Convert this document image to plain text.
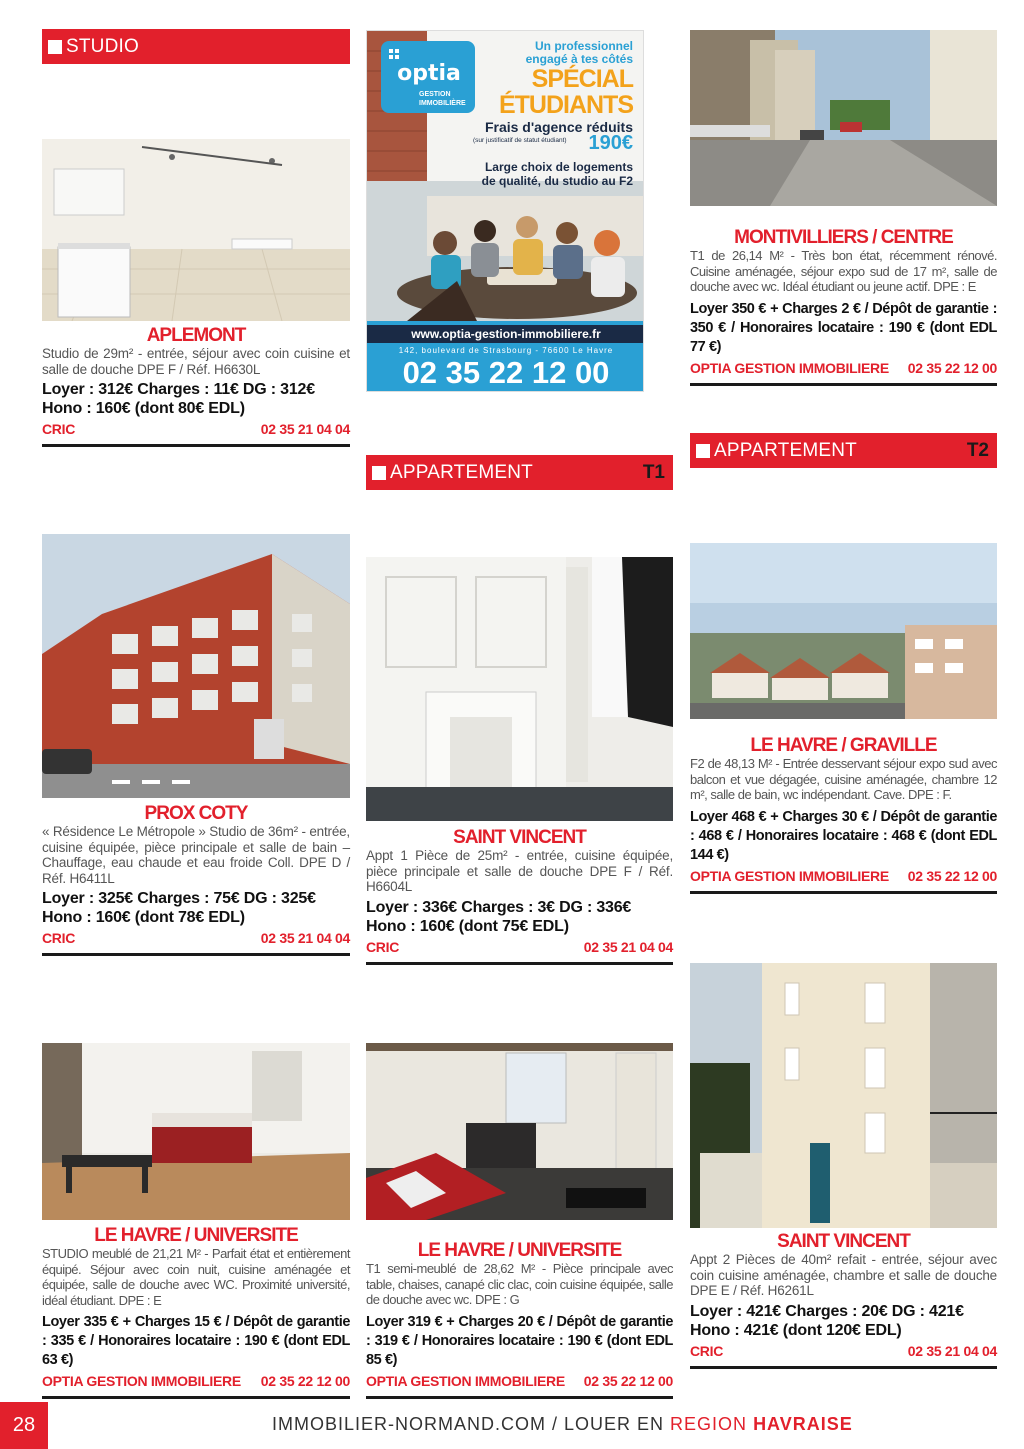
STUDIO
APPARTEMENT	T1
APPARTEMENT	T2
optia
GESTION
IMMOBILIÈRE
Un professionnel
engagé à tes côtés
SPÉCIAL
ÉTUDIANTS
Frais d'agence réduits
(sur justificatif de statut étudiant) 190€
Large choix de logements
de qualité, du studio au F2
www.optia-gestion-immobiliere.fr
142, boulevard de Strasbourg - 76600 Le Havre
02 35 22 12 00
APLEMONT
Studio de 29m² - entrée, séjour avec coin cuisine et salle de douche DPE F / Réf. H6630L
Loyer : 312€ Charges : 11€ DG : 312€
Hono : 160€ (dont 80€ EDL)
CRIC	02 35 21 04 04
MONTIVILLIERS / CENTRE
T1 de 26,14 M² - Très bon état, récemment rénové. Cuisine aménagée, séjour expo sud de 17 m², salle de douche avec wc. Idéal étudiant ou jeune actif. DPE : E
Loyer 350 € + Charges 2 € / Dépôt de garantie : 350 € / Honoraires locataire : 190 € (dont EDL 77 €)
OPTIA GESTION IMMOBILIERE 02 35 22 12 00
PROX COTY
« Résidence Le Métropole » Studio de 36m² - entrée, cuisine équipée, pièce principale et salle de bain – Chauffage, eau chaude et eau froide Coll. DPE D / Réf. H6411L
Loyer : 325€ Charges : 75€ DG : 325€
Hono : 160€ (dont 78€ EDL)
CRIC	02 35 21 04 04
SAINT VINCENT
Appt 1 Pièce de 25m² - entrée, cuisine équipée, pièce principale et salle de douche DPE F / Réf. H6604L
Loyer : 336€ Charges : 3€ DG : 336€
Hono : 160€ (dont 75€ EDL)
CRIC	02 35 21 04 04
LE HAVRE / GRAVILLE
F2 de 48,13 M² - Entrée desservant séjour expo sud avec balcon et vue dégagée, cuisine aménagée, chambre 12 m², salle de bain, wc indépendant. Cave. DPE : F.
Loyer 468 € + Charges 30 € / Dépôt de garantie : 468 € / Honoraires locataire : 468 € (dont EDL 144 €)
OPTIA GESTION IMMOBILIERE 02 35 22 12 00
LE HAVRE / UNIVERSITE
STUDIO meublé de 21,21 M² - Parfait état et entièrement équipé. Séjour avec coin nuit, cuisine aménagée et équipée, salle de douche avec WC. Proximité université, idéal étudiant. DPE : E
Loyer 335 € + Charges 15 € / Dépôt de garantie : 335 € / Honoraires locataire : 190 € (dont EDL 63 €)
OPTIA GESTION IMMOBILIERE 02 35 22 12 00
LE HAVRE / UNIVERSITE
T1 semi-meublé de 28,62 M² - Pièce principale avec table, chaises, canapé clic clac, coin cuisine équipée, salle de douche avec wc. DPE : G
Loyer 319 € + Charges 20 € / Dépôt de garantie : 319 € / Honoraires locataire : 190 € (dont EDL 85 €)
OPTIA GESTION IMMOBILIERE 02 35 22 12 00
SAINT VINCENT
Appt 2 Pièces de 40m² refait - entrée, séjour avec coin cuisine aménagée, chambre et salle de douche DPE E / Réf. H6261L
Loyer : 421€ Charges : 20€ DG : 421€
Hono : 421€ (dont 120€ EDL)
CRIC	02 35 21 04 04
28	IMMOBILIER-NORMAND.COM / LOUER EN REGION HAVRAISE
